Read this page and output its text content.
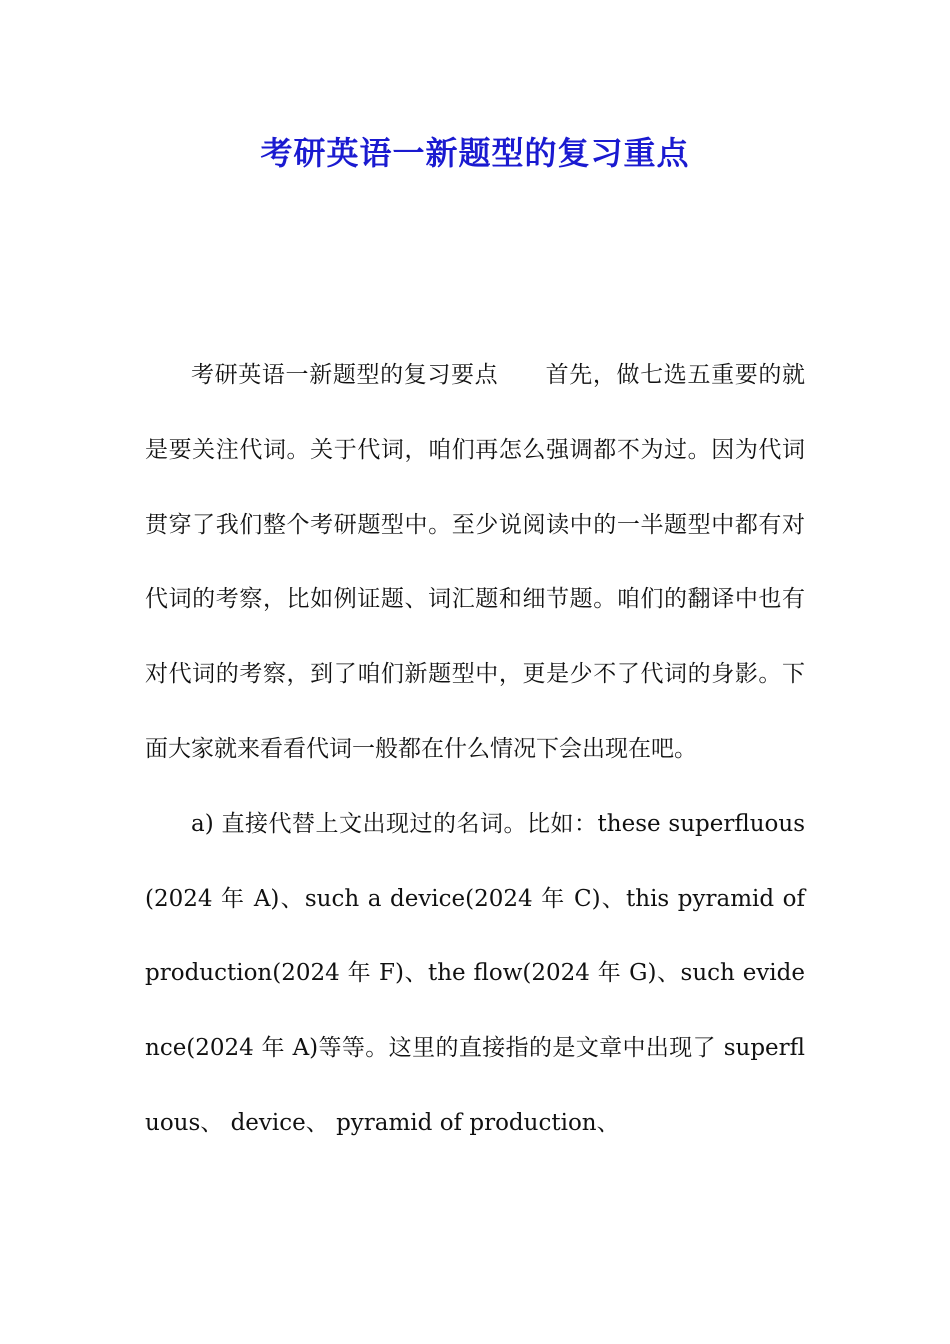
考研英语一新题型的复习重点

考研英语一新题型的复习要点　　首先，做七选五重要的就是要关注代词。关于代词，咱们再怎么强调都不为过。因为代词贯穿了我们整个考研题型中。至少说阅读中的一半题型中都有对代词的考察，比如例证题、词汇题和细节题。咱们的翻译中也有对代词的考察，到了咱们新题型中，更是少不了代词的身影。下面大家就来看看代词一般都在什么情况下会出现在吧。

a) 直接代替上文出现过的名词。比如：these superfluous(2024 年 A)、such a device(2024 年 C)、this pyramid of production(2024 年 F)、the flow(2024 年 G)、such evidence(2024 年 A)等等。这里的直接指的是文章中出现了 superfluous、 device、 pyramid of production、
